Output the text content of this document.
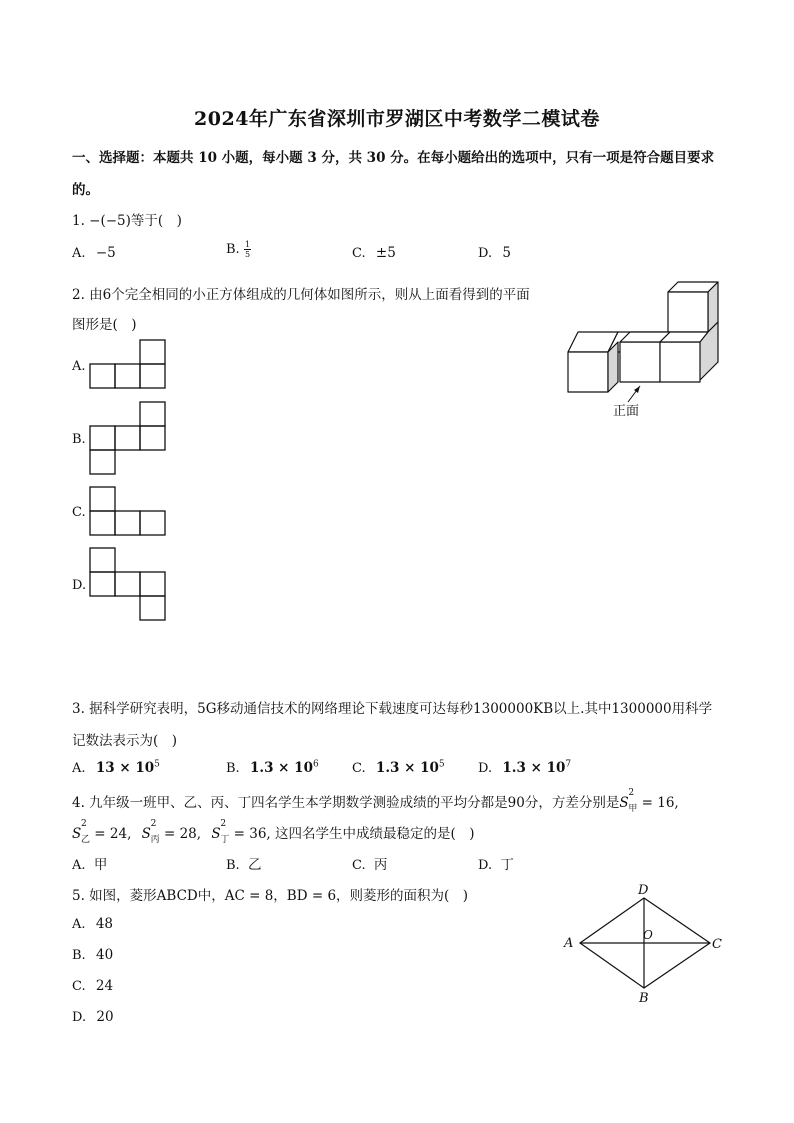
2024年广东省深圳市罗湖区中考数学二模试卷
一、选择题：本题共 10 小题，每小题 3 分，共 30 分。在每小题给出的选项中，只有一项是符合题目要求
的。
1. −(−5)等于(　)
A. −5	B. $\frac{1}{5}$	C. ±5	D. 5
2. 由6个完全相同的小正方体组成的几何体如图所示，则从上面看得到的平面
图形是(　)
A.
B.
C.
D.
正面
3. 据科学研究表明，5G移动通信技术的网络理论下载速度可达每秒1300000KB以上.其中1300000用科学
记数法表示为(　)
A. $13 \times 10^5$	B. $1.3 \times 10^6$	C. $1.3 \times 10^5$	D. $1.3 \times 10^7$
4. 九年级一班甲、乙、丙、丁四名学生本学期数学测验成绩的平均分都是90分，方差分别是S
2
甲 = 16,
S
2
乙 = 24, S
2
丙 = 28, S
2
丁 = 36, 这四名学生中成绩最稳定的是(　)
A. 甲	B. 乙	C. 丙	D. 丁
5. 如图，菱形ABCD中，AC = 8，BD = 6，则菱形的面积为(　)
A. 48
B. 40
C. 24
D. 20
A	C
D
B
O
